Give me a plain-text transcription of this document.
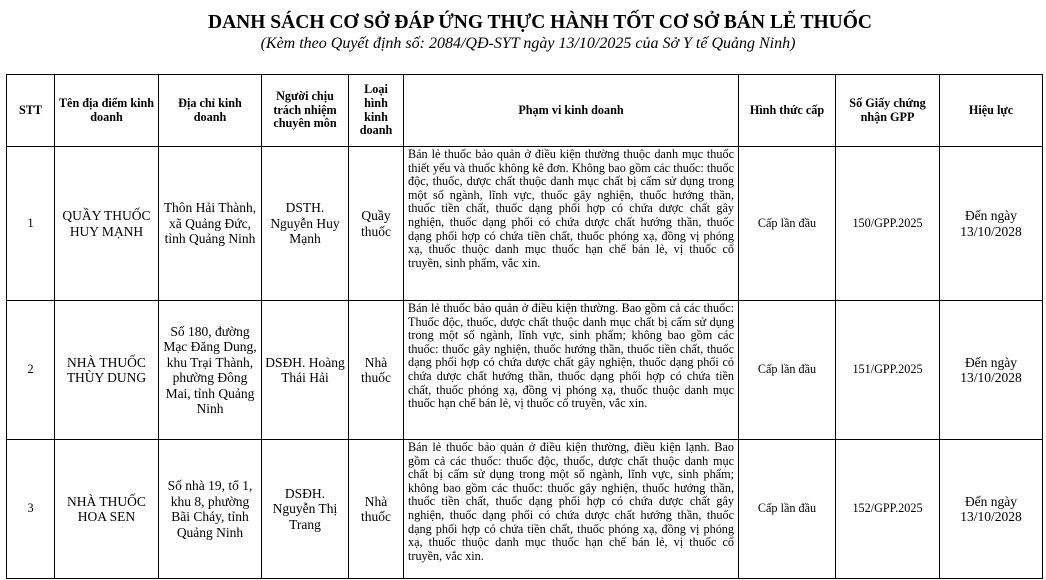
DANH SÁCH CƠ SỞ ĐÁP ỨNG THỰC HÀNH TỐT CƠ SỞ BÁN LẺ THUỐC
(Kèm theo Quyết định số: 2084/QĐ-SYT ngày 13/10/2025 của Sở Y tế Quảng Ninh)
STT	Tên địa điểm kinh doanh	Địa chỉ kinh doanh	Người chịu trách nhiệm chuyên môn	Loại hình kinh doanh	Phạm vi kinh doanh	Hình thức cấp	Số Giấy chứng nhận GPP	Hiệu lực
1	QUẦY THUỐC HUY MẠNH	Thôn Hải Thành, xã Quảng Đức, tỉnh Quảng Ninh	DSTH. Nguyễn Huy Mạnh	Quầy thuốc	Bán lẻ thuốc bảo quản ở điều kiện thường thuộc danh mục thuốc thiết yếu và thuốc không kê đơn. Không bao gồm các thuốc: thuốc độc, thuốc, dược chất thuộc danh mục chất bị cấm sử dụng trong một số ngành, lĩnh vực, thuốc gây nghiện, thuốc hướng thần, thuốc tiền chất, thuốc dạng phối hợp có chứa dược chất gây nghiện, thuốc dạng phối có chứa dược chất hướng thần, thuốc dạng phối hợp có chứa tiền chất, thuốc phóng xạ, đồng vị phóng xạ, thuốc thuộc danh mục thuốc hạn chế bán lẻ, vị thuốc cổ truyền, sinh phẩm, vắc xin.	Cấp lần đầu	150/GPP.2025	Đến ngày 13/10/2028
2	NHÀ THUỐC THÙY DUNG	Số 180, đường Mạc Đăng Dung, khu Trại Thành, phường Đông Mai, tỉnh Quảng Ninh	DSĐH. Hoàng Thái Hải	Nhà thuốc	Bán lẻ thuốc bảo quản ở điều kiện thường. Bao gồm cả các thuốc: Thuốc độc, thuốc, dược chất thuộc danh mục chất bị cấm sử dụng trong một số ngành, lĩnh vực, sinh phẩm; không bao gồm các thuốc: thuốc gây nghiện, thuốc hướng thần, thuốc tiền chất, thuốc dạng phối hợp có chứa dược chất gây nghiện, thuốc dạng phối có chứa dược chất hướng thần, thuốc dạng phối hợp có chứa tiền chất, thuốc phóng xạ, đồng vị phóng xạ, thuốc thuộc danh mục thuốc hạn chế bán lẻ, vị thuốc cổ truyền, vắc xin.	Cấp lần đầu	151/GPP.2025	Đến ngày 13/10/2028
3	NHÀ THUỐC HOA SEN	Số nhà 19, tổ 1, khu 8, phường Bãi Cháy, tỉnh Quảng Ninh	DSĐH. Nguyễn Thị Trang	Nhà thuốc	Bán lẻ thuốc bảo quản ở điều kiện thường, điều kiện lạnh. Bao gồm cả các thuốc: thuốc độc, thuốc, dược chất thuộc danh mục chất bị cấm sử dụng trong một số ngành, lĩnh vực, sinh phẩm; không bao gồm các thuốc: thuốc gây nghiện, thuốc hướng thần, thuốc tiền chất, thuốc dạng phối hợp có chứa dược chất gây nghiện, thuốc dạng phối có chứa dược chất hướng thần, thuốc dạng phối hợp có chứa tiền chất, thuốc phóng xạ, đồng vị phóng xạ, thuốc thuộc danh mục thuốc hạn chế bán lẻ, vị thuốc cổ truyền, vắc xin.	Cấp lần đầu	152/GPP.2025	Đến ngày 13/10/2028
